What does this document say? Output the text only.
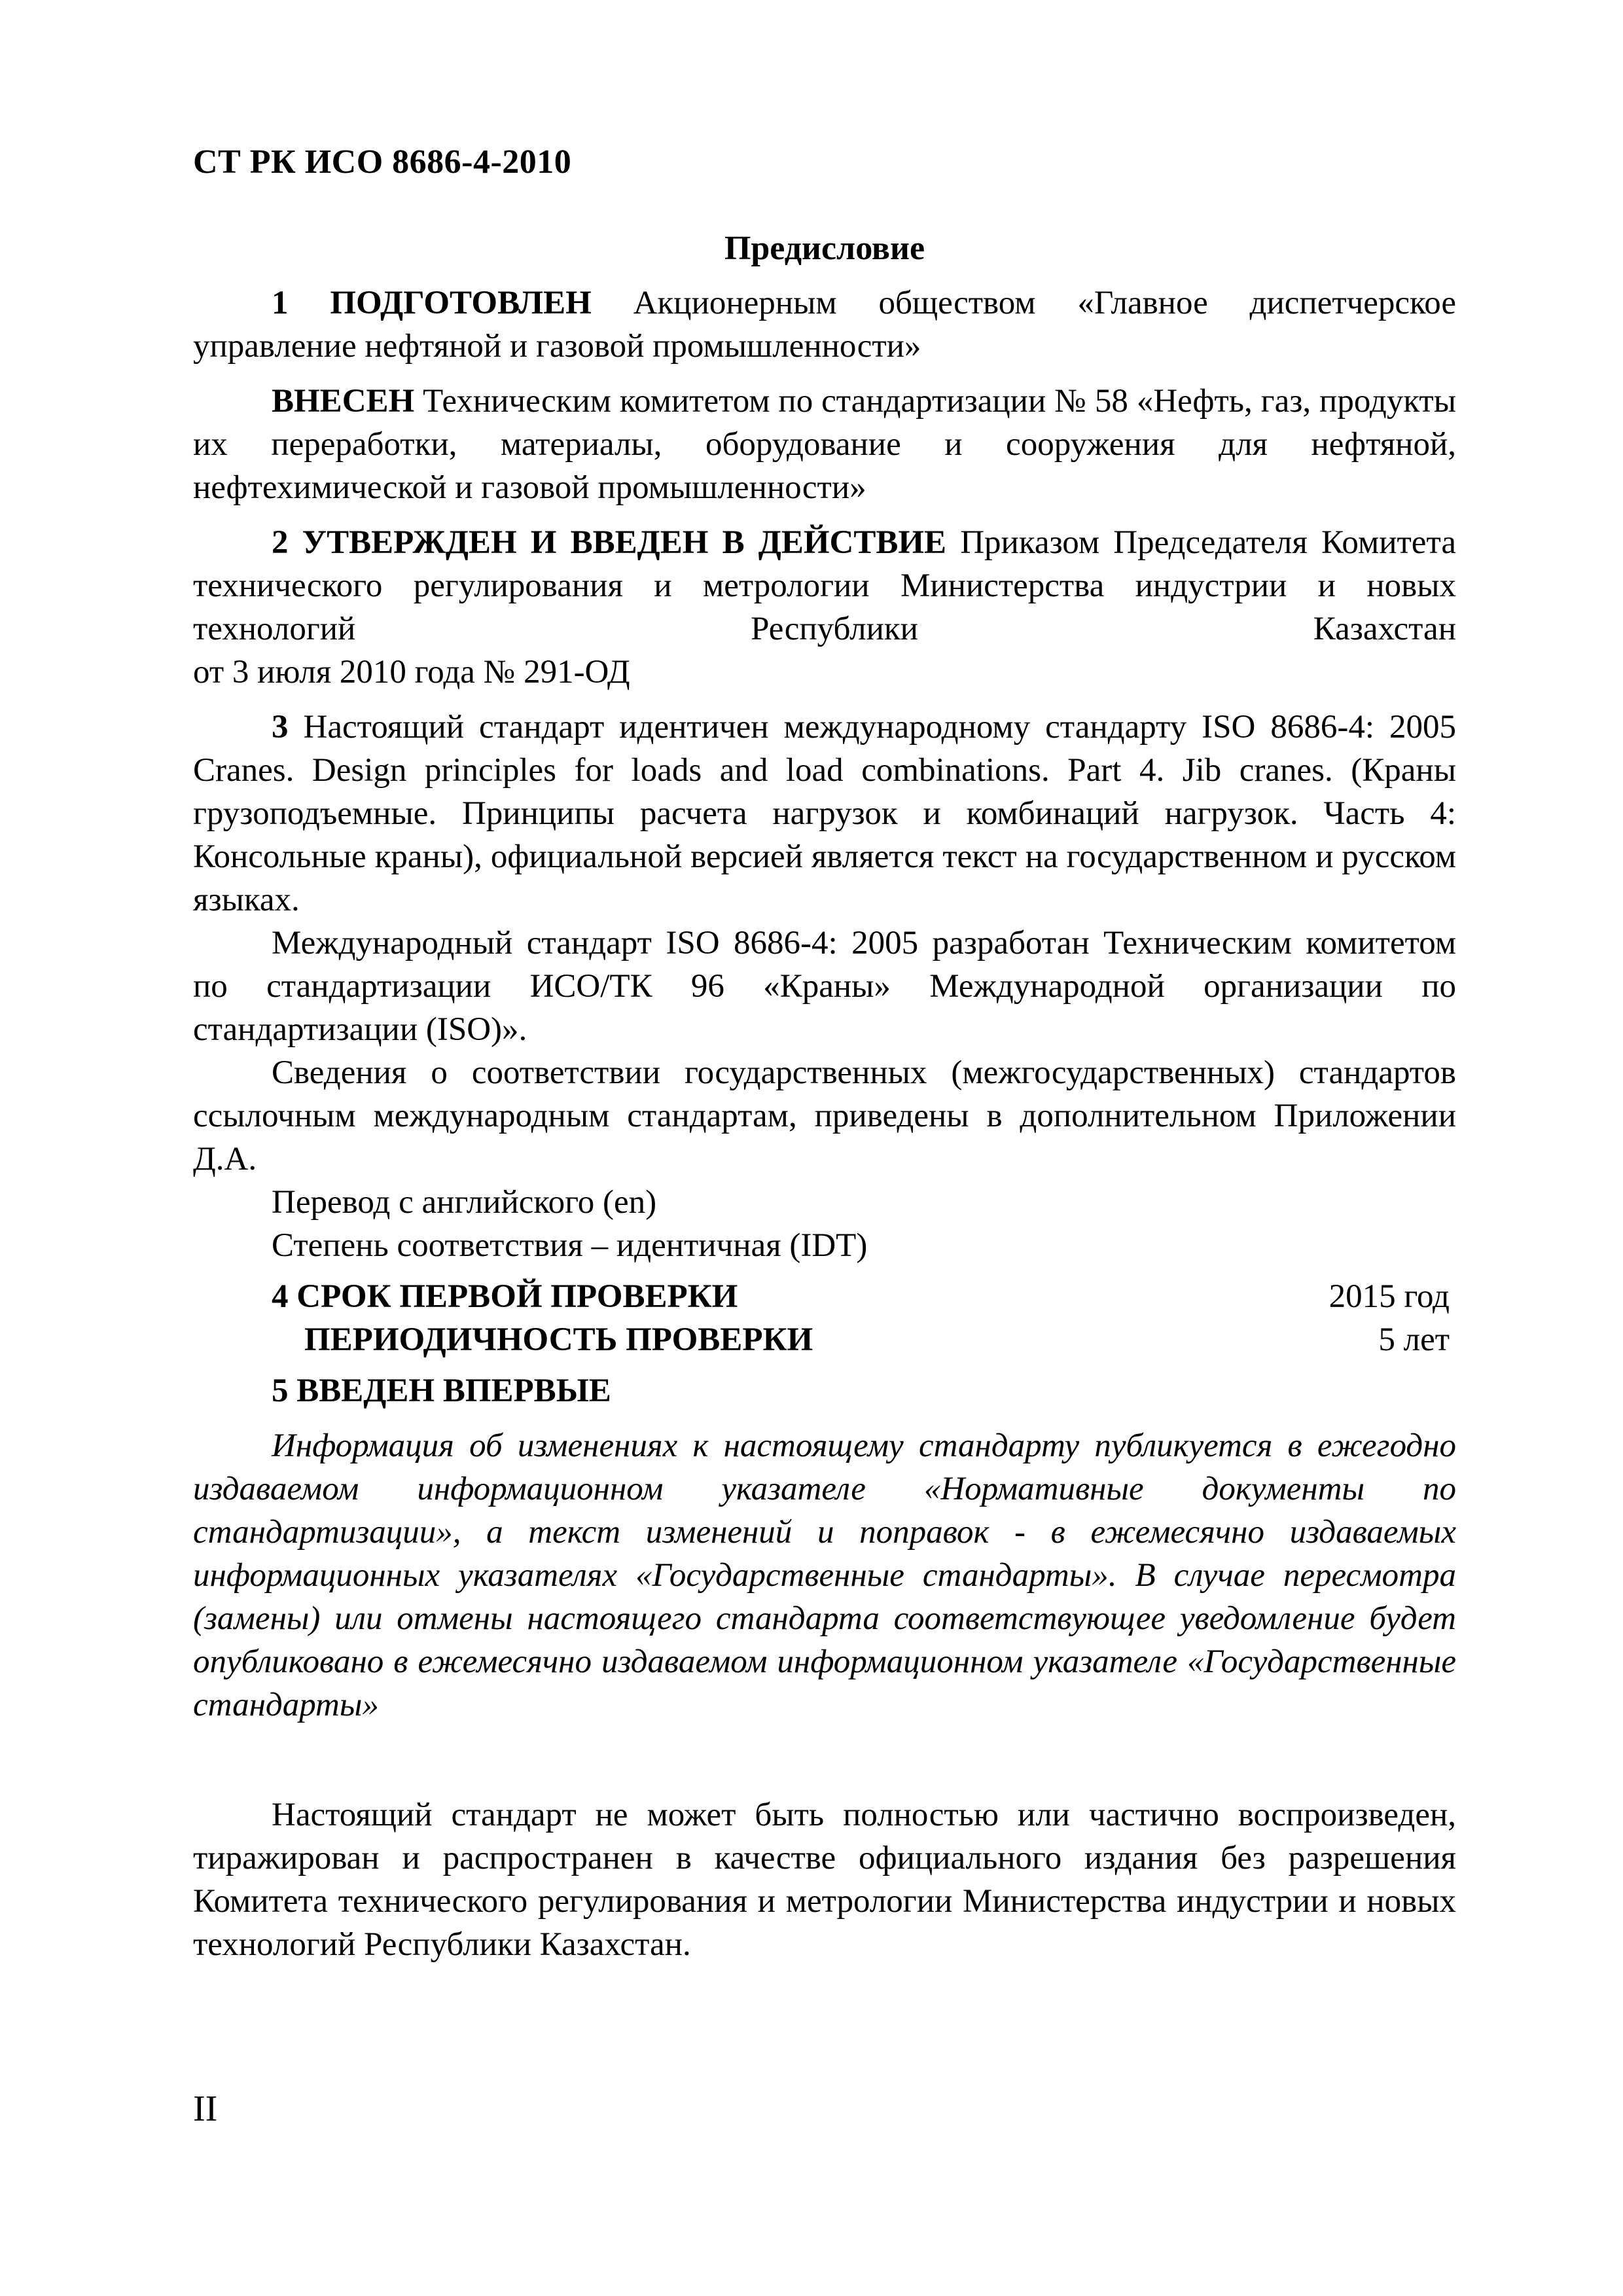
СТ РК ИСО 8686-4-2010
Предисловие

1 ПОДГОТОВЛЕН Акционерным обществом «Главное диспетчерское управление нефтяной и газовой промышленности»

ВНЕСЕН Техническим комитетом по стандартизации № 58 «Нефть, газ, продукты их переработки, материалы, оборудование и сооружения для нефтяной, нефтехимической и газовой промышленности»

2 УТВЕРЖДЕН И ВВЕДЕН В ДЕЙСТВИЕ Приказом Председателя Комитета технического регулирования и метрологии Министерства индустрии и новых технологий Республики Казахстан

от 3 июля 2010 года № 291-ОД

3 Настоящий стандарт идентичен международному стандарту ISO 8686-4: 2005 Cranes. Design principles for loads and load combinations. Part 4. Jib cranes. (Краны грузоподъемные. Принципы расчета нагрузок и комбинаций нагрузок. Часть 4: Консольные краны), официальной версией является текст на государственном и русском языках.

Международный стандарт ISO 8686-4: 2005 разработан Техническим комитетом по стандартизации ИСО/ТК 96 «Краны» Международной организации по стандартизации (ISO)».

Сведения о соответствии государственных (межгосударственных) стандартов ссылочным международным стандартам, приведены в дополнительном Приложении Д.А.

Перевод с английского (en)

Степень соответствия – идентичная (IDT)

4 СРОК ПЕРВОЙ ПРОВЕРКИ	2015 год
ПЕРИОДИЧНОСТЬ ПРОВЕРКИ	5 лет

5 ВВЕДЕН ВПЕРВЫЕ

Информация об изменениях к настоящему стандарту публикуется в ежегодно издаваемом информационном указателе «Нормативные документы по стандартизации», а текст изменений и поправок - в ежемесячно издаваемых информационных указателях «Государственные стандарты». В случае пересмотра (замены) или отмены настоящего стандарта соответствующее уведомление будет опубликовано в ежемесячно издаваемом информационном указателе «Государственные стандарты»

Настоящий стандарт не может быть полностью или частично воспроизведен, тиражирован и распространен в качестве официального издания без разрешения Комитета технического регулирования и метрологии Министерства индустрии и новых технологий Республики Казахстан.

II
